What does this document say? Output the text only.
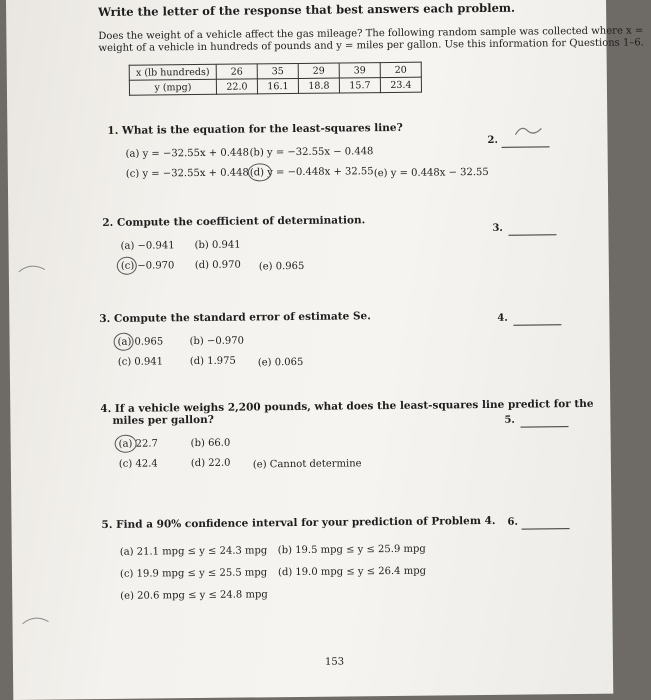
Write the letter of the response that best answers each problem.
Does the weight of a vehicle affect the gas mileage? The following random sample was collected where x =
weight of a vehicle in hundreds of pounds and y = miles per gallon. Use this information for Questions 1–6.
x (lb hundreds)	26	35	29	39	20
y (mpg)	22.0	16.1	18.8	15.7	23.4
1. What is the equation for the least-squares line?
(a) y = −32.55x + 0.448 (b) y = −32.55x − 0.448
(c) y = −32.55x + 0.448 (d) y = −0.448x + 32.55 (e) y = 0.448x − 32.55
2.
2. Compute the coefficient of determination.
(a) −0.941 (b) 0.941
(c) −0.970 (d) 0.970 (e) 0.965
3.
3. Compute the standard error of estimate Se.
(a) 0.965	(b) −0.970
(c) 0.941	(d) 1.975 (e) 0.065
4.
4. If a vehicle weighs 2,200 pounds, what does the least-squares line predict for the
miles per gallon?
(a) 22.7	(b) 66.0
(c) 42.4	(d) 22.0 (e) Cannot determine
5.
5. Find a 90% confidence interval for your prediction of Problem 4.
(a) 21.1 mpg ≤ y ≤ 24.3 mpg (b) 19.5 mpg ≤ y ≤ 25.9 mpg
(c) 19.9 mpg ≤ y ≤ 25.5 mpg (d) 19.0 mpg ≤ y ≤ 26.4 mpg
(e) 20.6 mpg ≤ y ≤ 24.8 mpg
6.
153
